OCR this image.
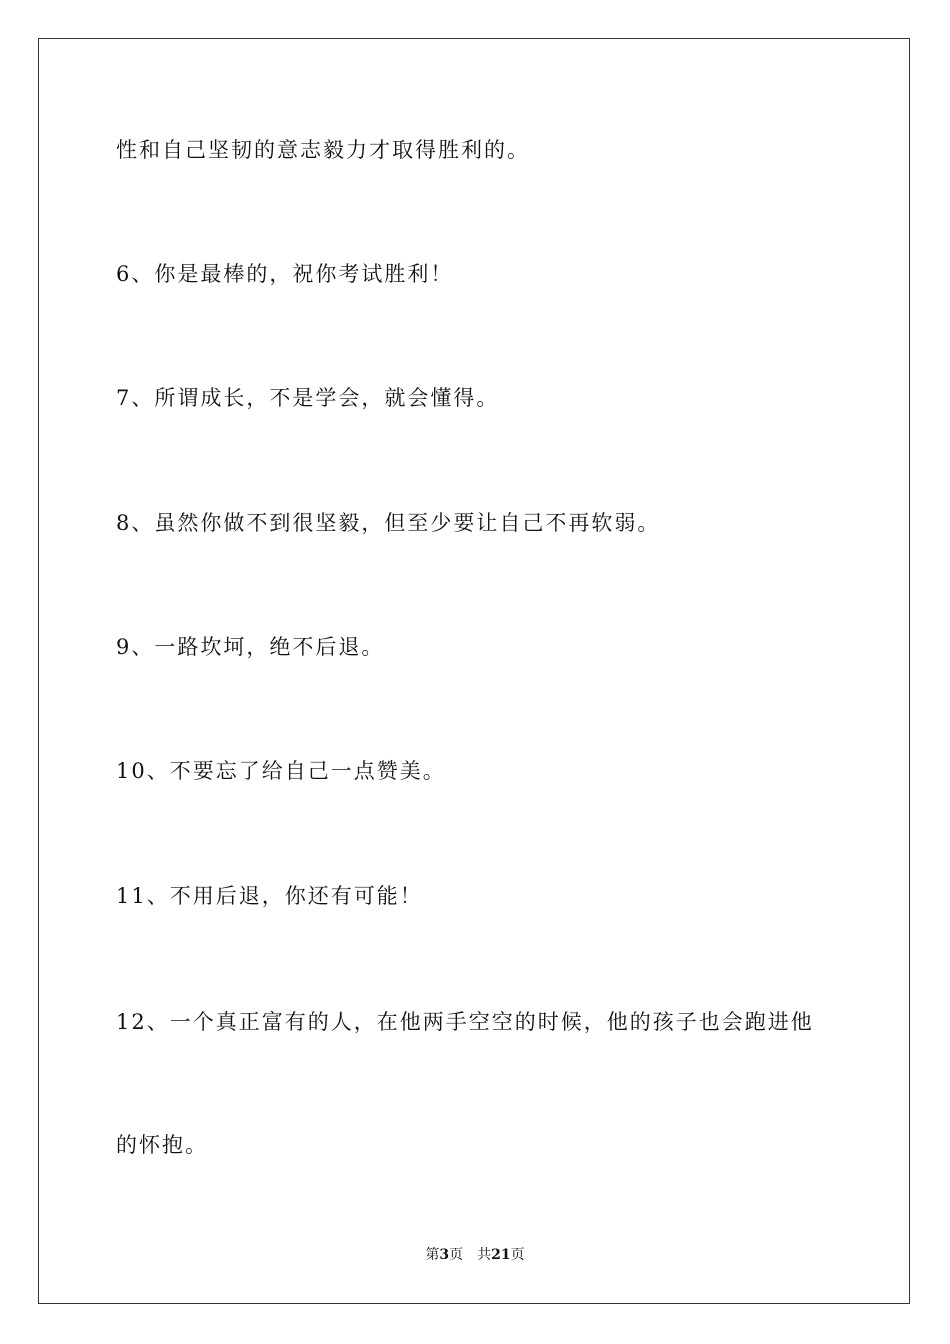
性和自己坚韧的意志毅力才取得胜利的。
6、你是最棒的，祝你考试胜利！
7、所谓成长，不是学会，就会懂得。
8、虽然你做不到很坚毅，但至少要让自己不再软弱。
9、一路坎坷，绝不后退。
10、不要忘了给自己一点赞美。
11、不用后退，你还有可能！
12、一个真正富有的人，在他两手空空的时候，他的孩子也会跑进他
的怀抱。
第3页 共21页
